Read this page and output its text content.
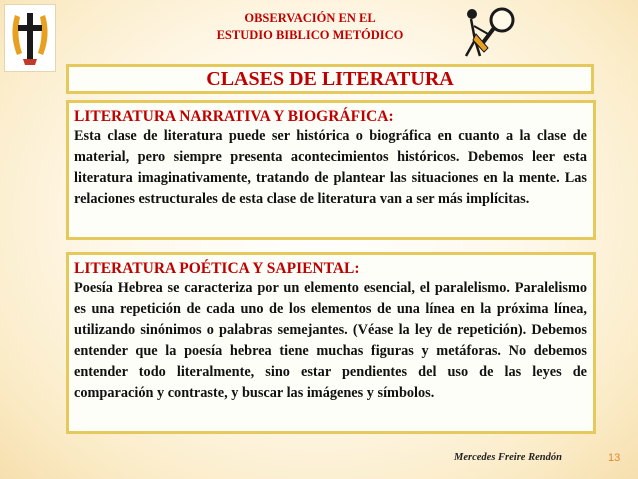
OBSERVACIÓN EN EL
ESTUDIO BIBLICO METÓDICO
CLASES DE LITERATURA
LITERATURA NARRATIVA Y BIOGRÁFICA:

Esta clase de literatura puede ser histórica o biográfica en cuanto a la clase de material, pero siempre presenta acontecimientos históricos. Debemos leer esta literatura imaginativamente, tratando de plantear las situaciones en la mente. Las relaciones estructurales de esta clase de literatura van a ser más implícitas.

LITERATURA POÉTICA Y SAPIENTAL:

Poesía Hebrea se caracteriza por un elemento esencial, el paralelismo. Paralelismo es una repetición de cada uno de los elementos de una línea en la próxima línea, utilizando sinónimos o palabras semejantes. (Véase la ley de repetición). Debemos entender que la poesía hebrea tiene muchas figuras y metáforas. No debemos entender todo literalmente, sino estar pendientes del uso de las leyes de comparación y contraste, y buscar las imágenes y símbolos.

Mercedes Freire Rendón	13
